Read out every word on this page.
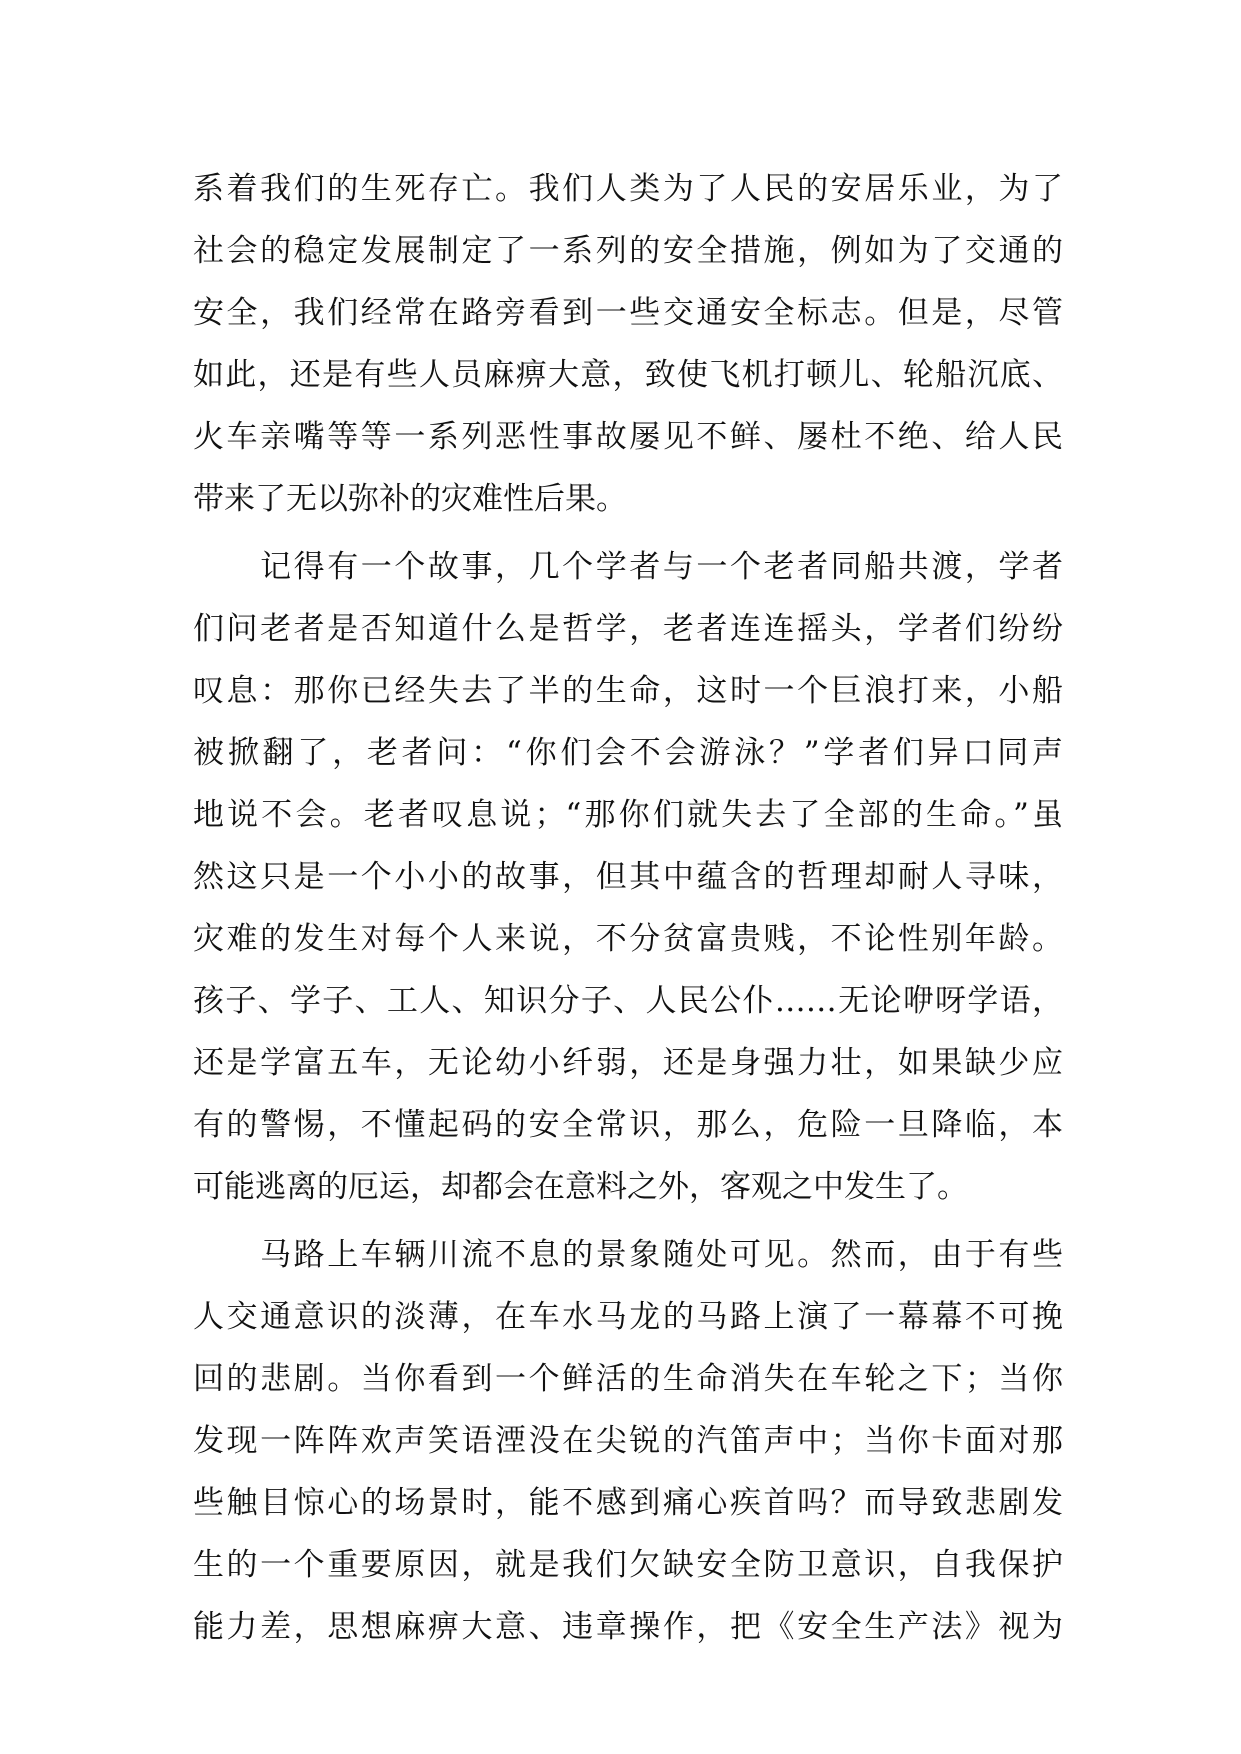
系着我们的生死存亡。我们人类为了人民的安居乐业，为了
社会的稳定发展制定了一系列的安全措施，例如为了交通的
安全，我们经常在路旁看到一些交通安全标志。但是，尽管
如此，还是有些人员麻痹大意，致使飞机打顿儿、轮船沉底、
火车亲嘴等等一系列恶性事故屡见不鲜、屡杜不绝、给人民
带来了无以弥补的灾难性后果。
　　记得有一个故事，几个学者与一个老者同船共渡，学者
们问老者是否知道什么是哲学，老者连连摇头，学者们纷纷
叹息：那你已经失去了半的生命，这时一个巨浪打来，小船
被掀翻了，老者问：“你们会不会游泳？”学者们异口同声
地说不会。老者叹息说；“那你们就失去了全部的生命。”虽
然这只是一个小小的故事，但其中蕴含的哲理却耐人寻味，
灾难的发生对每个人来说，不分贫富贵贱，不论性别年龄。
孩子、学子、工人、知识分子、人民公仆……无论咿呀学语，
还是学富五车，无论幼小纤弱，还是身强力壮，如果缺少应
有的警惕，不懂起码的安全常识，那么，危险一旦降临，本
可能逃离的厄运，却都会在意料之外，客观之中发生了。
　　马路上车辆川流不息的景象随处可见。然而，由于有些
人交通意识的淡薄，在车水马龙的马路上演了一幕幕不可挽
回的悲剧。当你看到一个鲜活的生命消失在车轮之下；当你
发现一阵阵欢声笑语湮没在尖锐的汽笛声中；当你卡面对那
些触目惊心的场景时，能不感到痛心疾首吗？而导致悲剧发
生的一个重要原因，就是我们欠缺安全防卫意识，自我保护
能力差，思想麻痹大意、违章操作，把《安全生产法》视为
